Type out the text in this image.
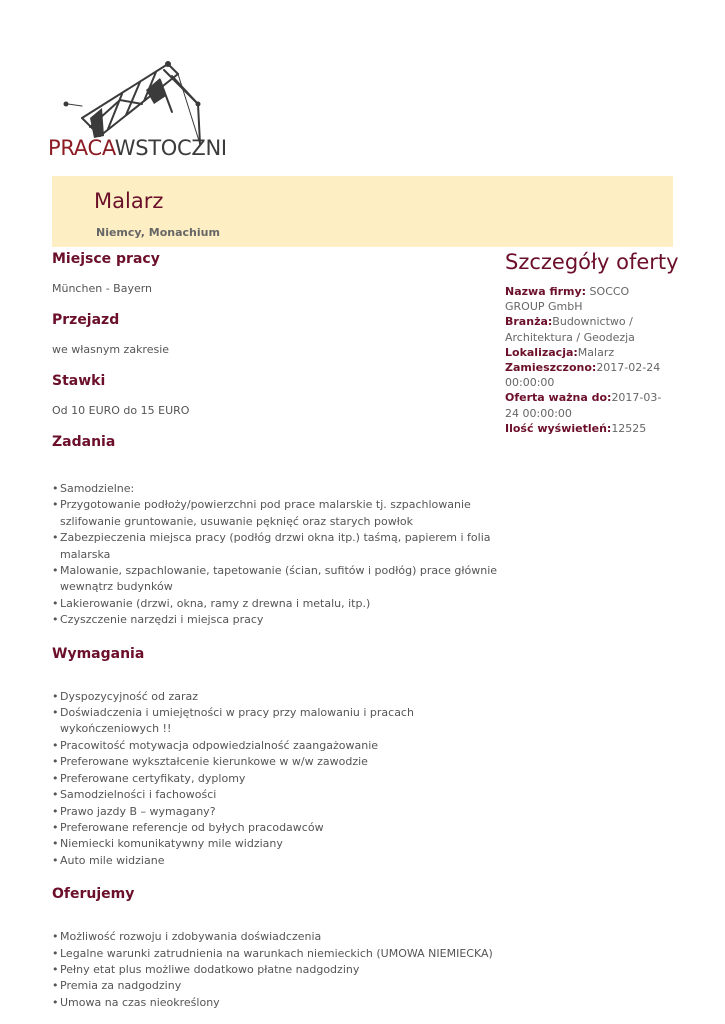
PRACAWSTOCZNI
Malarz
Niemcy, Monachium
Miejsce pracy
München - Bayern
Przejazd
we własnym zakresie
Stawki
Od 10 EURO do 15 EURO
Zadania
• Samodzielne:
• Przygotowanie podłoży/powierzchni pod prace malarskie tj. szpachlowanie szlifowanie gruntowanie, usuwanie pęknięć oraz starych powłok
• Zabezpieczenia miejsca pracy (podłóg drzwi okna itp.) taśmą, papierem i folia malarska
• Malowanie, szpachlowanie, tapetowanie (ścian, sufitów i podłóg) prace głównie wewnątrz budynków
• Lakierowanie (drzwi, okna, ramy z drewna i metalu, itp.)
• Czyszczenie narzędzi i miejsca pracy
Wymagania
• Dyspozycyjność od zaraz
• Doświadczenia i umiejętności w pracy przy malowaniu i pracach wykończeniowych !!
• Pracowitość motywacja odpowiedzialność zaangażowanie
• Preferowane wykształcenie kierunkowe w w/w zawodzie
• Preferowane certyfikaty, dyplomy
• Samodzielności i fachowości
• Prawo jazdy B – wymagany?
• Preferowane referencje od byłych pracodawców
• Niemiecki komunikatywny mile widziany
• Auto mile widziane
Oferujemy
• Możliwość rozwoju i zdobywania doświadczenia
• Legalne warunki zatrudnienia na warunkach niemieckich (UMOWA NIEMIECKA)
• Pełny etat plus możliwe dodatkowo płatne nadgodziny
• Premia za nadgodziny
• Umowa na czas nieokreślony
Szczegóły oferty
Nazwa firmy: SOCCO GROUP GmbH
Branża:Budownictwo / Architektura / Geodezja
Lokalizacja:Malarz
Zamieszczono:2017-02-24 00:00:00
Oferta ważna do:2017-03-24 00:00:00
Ilość wyświetleń:12525
